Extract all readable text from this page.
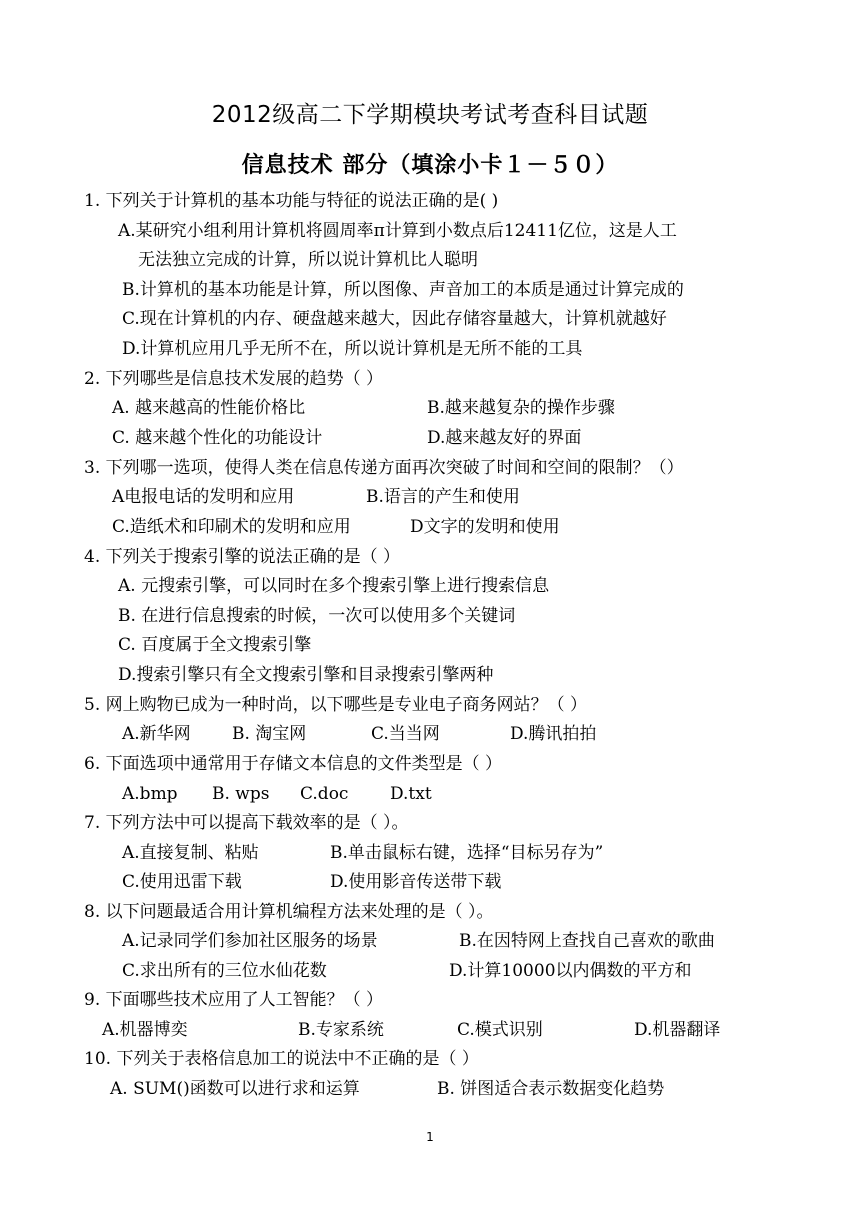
2012级高二下学期模块考试考查科目试题
信息技术 部分（填涂小卡１－５０）
1. 下列关于计算机的基本功能与特征的说法正确的是( )
A.某研究小组利用计算机将圆周率π计算到小数点后12411亿位，这是人工
无法独立完成的计算，所以说计算机比人聪明
B.计算机的基本功能是计算，所以图像、声音加工的本质是通过计算完成的
C.现在计算机的内存、硬盘越来越大，因此存储容量越大，计算机就越好
D.计算机应用几乎无所不在，所以说计算机是无所不能的工具
2. 下列哪些是信息技术发展的趋势（ ）
A. 越来越高的性能价格比	B.越来越复杂的操作步骤
C. 越来越个性化的功能设计	D.越来越友好的界面
3. 下列哪一选项，使得人类在信息传递方面再次突破了时间和空间的限制？（）
A电报电话的发明和应用	B.语言的产生和使用
C.造纸术和印刷术的发明和应用	D文字的发明和使用
4. 下列关于搜索引擎的说法正确的是（ ）
A. 元搜索引擎，可以同时在多个搜索引擎上进行搜索信息
B. 在进行信息搜索的时候，一次可以使用多个关键词
C. 百度属于全文搜索引擎
D.搜索引擎只有全文搜索引擎和目录搜索引擎两种
5. 网上购物已成为一种时尚，以下哪些是专业电子商务网站？（ ）
A.新华网 B. 淘宝网	C.当当网	D.腾讯拍拍
6. 下面选项中通常用于存储文本信息的文件类型是（ ）
A.bmp B. wps C.doc D.txt
7. 下列方法中可以提高下载效率的是（ ）。
A.直接复制、粘贴	B.单击鼠标右键，选择“目标另存为”
C.使用迅雷下载	D.使用影音传送带下载
8. 以下问题最适合用计算机编程方法来处理的是（ ）。
A.记录同学们参加社区服务的场景	B.在因特网上查找自己喜欢的歌曲
C.求出所有的三位水仙花数	D.计算10000以内偶数的平方和
9. 下面哪些技术应用了人工智能？（ ）
A.机器博奕	B.专家系统	C.模式识别	D.机器翻译
10. 下列关于表格信息加工的说法中不正确的是（ ）
A. SUM()函数可以进行求和运算	B. 饼图适合表示数据变化趋势
1
